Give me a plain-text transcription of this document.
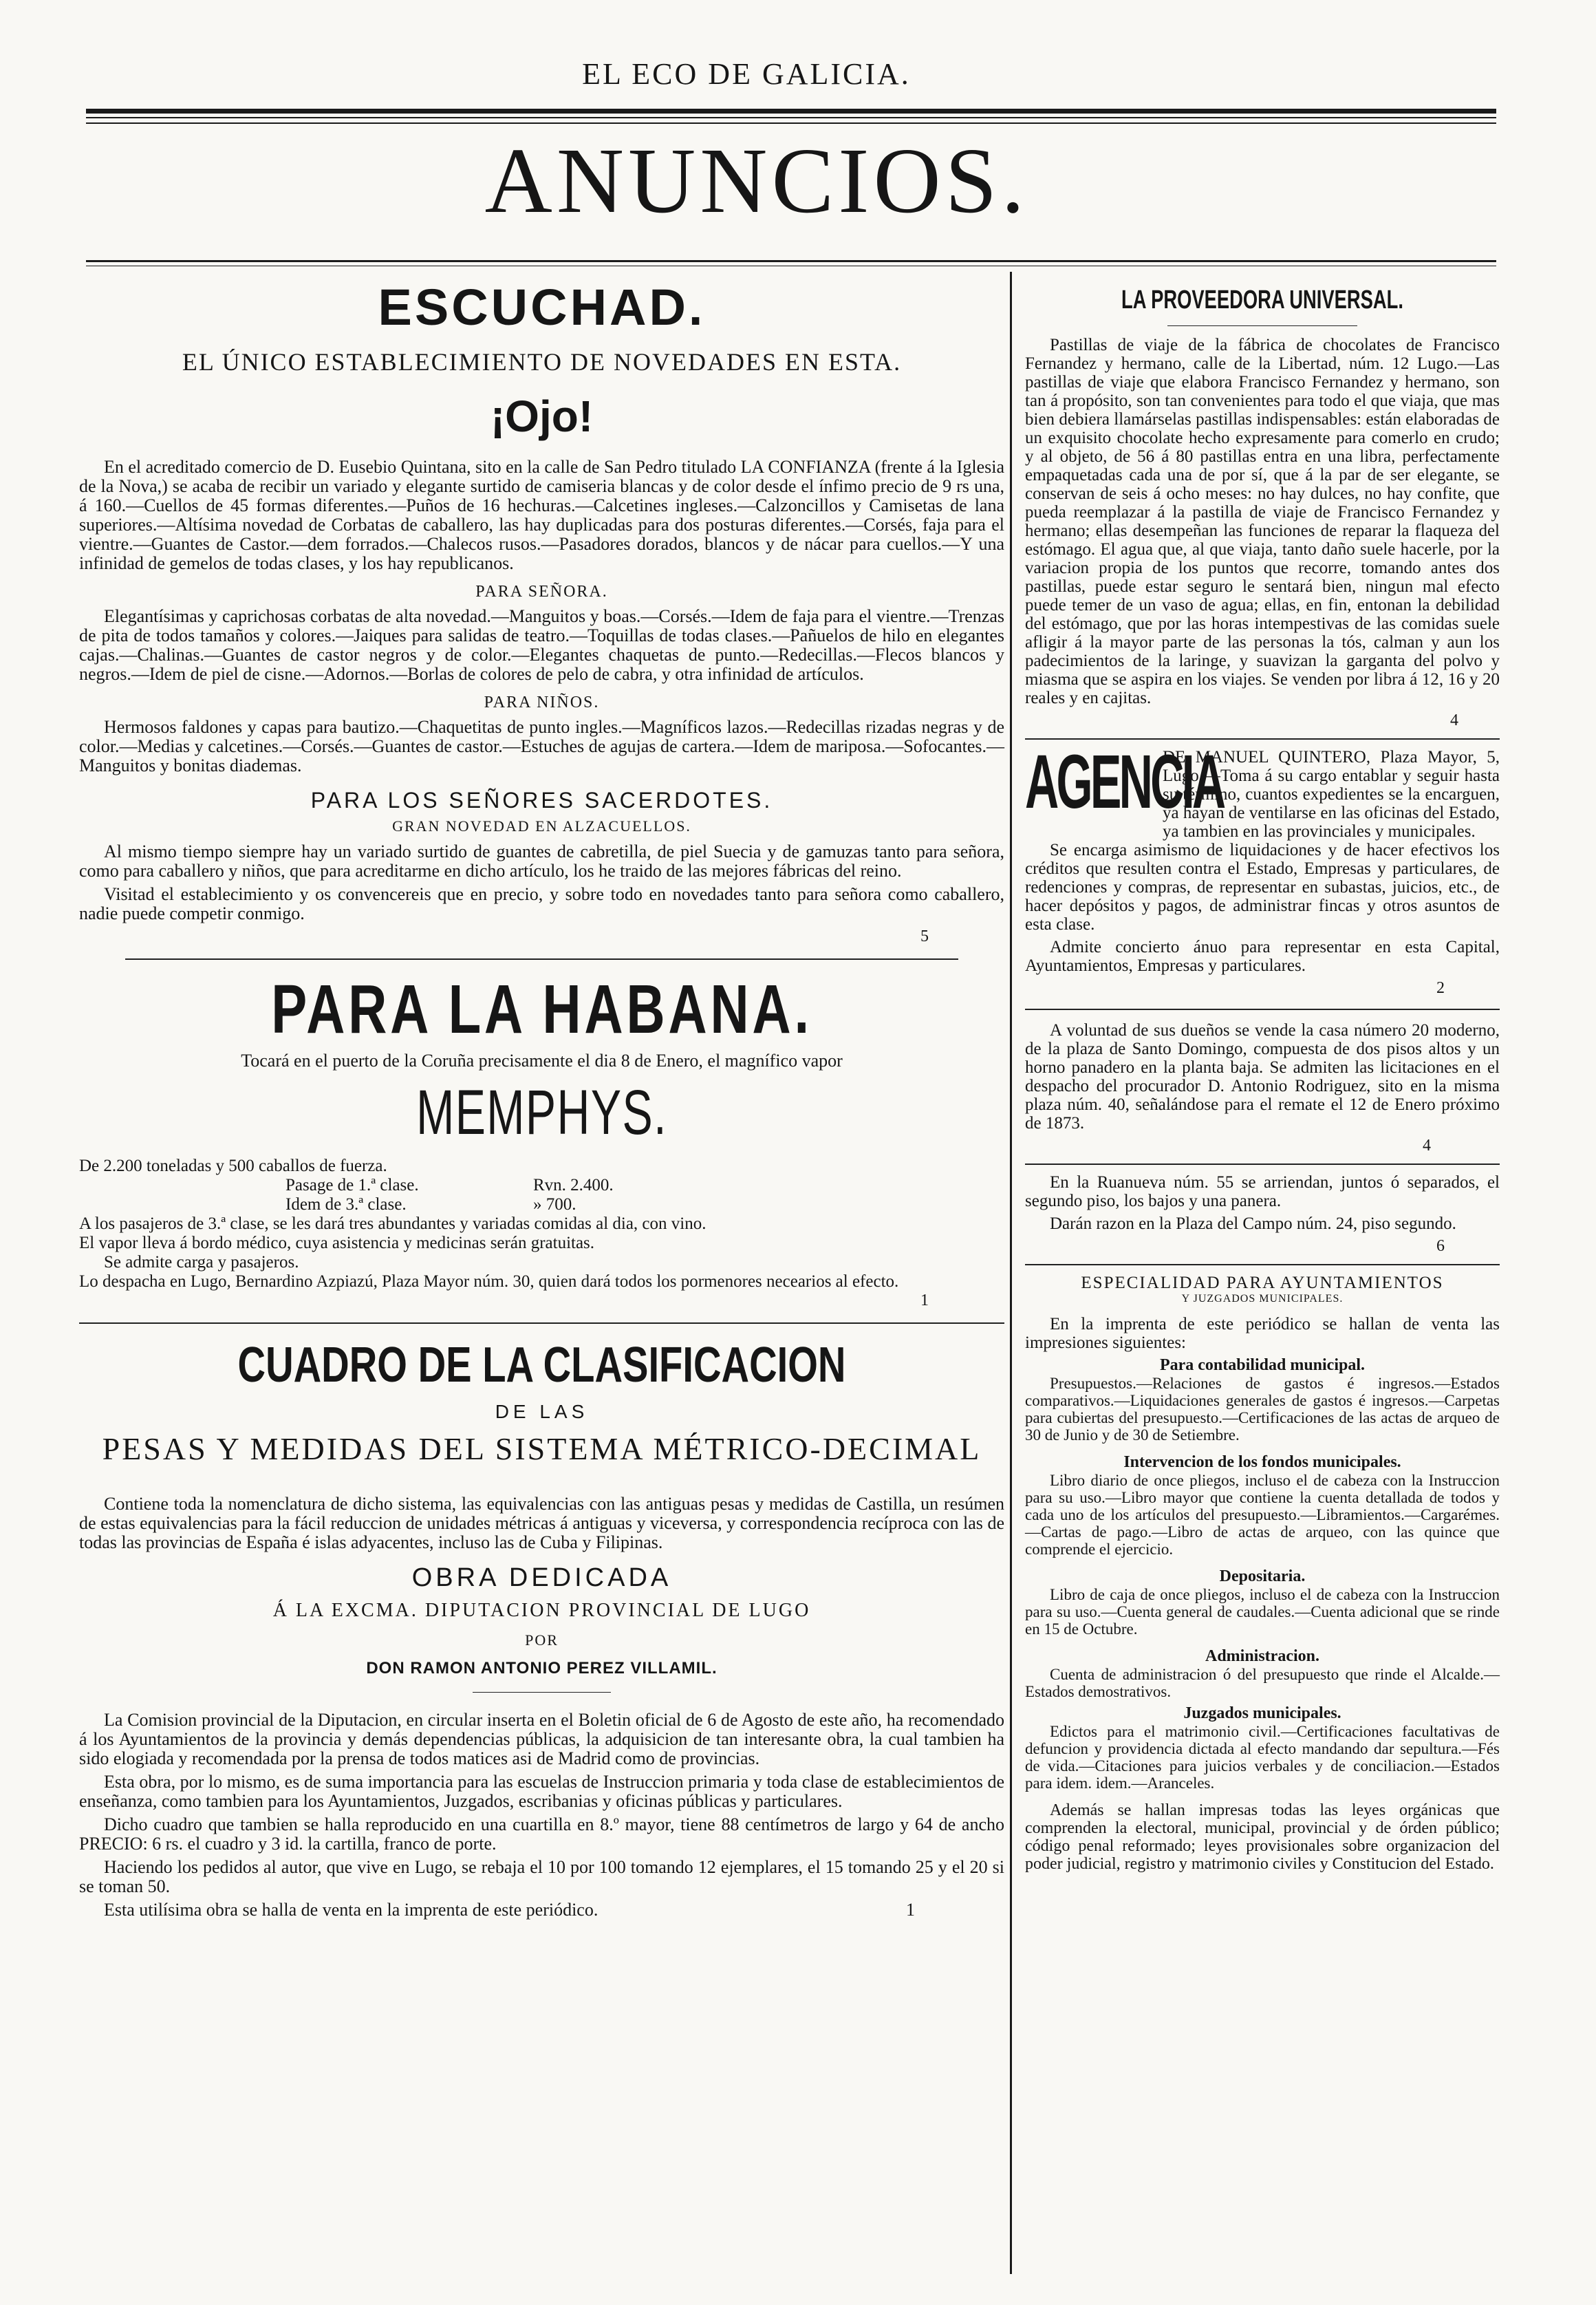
EL ECO DE GALICIA.
ANUNCIOS.
ESCUCHAD.
EL ÚNICO ESTABLECIMIENTO DE NOVEDADES EN ESTA.
¡Ojo!

En el acreditado comercio de D. Eusebio Quintana, sito en la calle de San Pedro titulado LA CONFIANZA (frente á la Iglesia de la Nova,) se acaba de recibir un variado y elegante surtido de camiseria blancas y de color desde el ínfimo precio de 9 rs una, á 160.—Cuellos de 45 formas diferentes.—Puños de 16 hechuras.—Calcetines ingleses.—Calzoncillos y Camisetas de lana superiores.—Altísima novedad de Corbatas de caballero, las hay duplicadas para dos posturas diferentes.—Corsés, faja para el vientre.—Guantes de Castor.—dem forrados.—Chalecos rusos.—Pasadores dorados, blancos y de nácar para cuellos.—Y una infinidad de gemelos de todas clases, y los hay republicanos.

PARA SEÑORA.

Elegantísimas y caprichosas corbatas de alta novedad.—Manguitos y boas.—Corsés.—Idem de faja para el vientre.—Trenzas de pita de todos tamaños y colores.—Jaiques para salidas de teatro.—Toquillas de todas clases.—Pañuelos de hilo en elegantes cajas.—Chalinas.—Guantes de castor negros y de color.—Elegantes chaquetas de punto.—Redecillas.—Flecos blancos y negros.—Idem de piel de cisne.—Adornos.—Borlas de colores de pelo de cabra, y otra infinidad de artículos.

PARA NIÑOS.

Hermosos faldones y capas para bautizo.—Chaquetitas de punto ingles.—Magníficos lazos.—Redecillas rizadas negras y de color.—Medias y calcetines.—Corsés.—Guantes de castor.—Estuches de agujas de cartera.—Idem de mariposa.—Sofocantes.—Manguitos y bonitas diademas.

PARA LOS SEÑORES SACERDOTES.
GRAN NOVEDAD EN ALZACUELLOS.

Al mismo tiempo siempre hay un variado surtido de guantes de cabretilla, de piel Suecia y de gamuzas tanto para señora, como para caballero y niños, que para acreditarme en dicho artículo, los he traido de las mejores fábricas del reino.

Visitad el establecimiento y os convencereis que en precio, y sobre todo en novedades tanto para señora como caballero, nadie puede competir conmigo.

5
PARA LA HABANA.

Tocará en el puerto de la Coruña precisamente el dia 8 de Enero, el magnífico vapor

MEMPHYS.

De 2.200 toneladas y 500 caballos de fuerza.

Pasage de 1.ª clase.	Rvn. 2.400.
Idem de 3.ª clase.	» 700.

A los pasajeros de 3.ª clase, se les dará tres abundantes y variadas comidas al dia, con vino.

El vapor lleva á bordo médico, cuya asistencia y medicinas serán gratuitas.

Se admite carga y pasajeros.

Lo despacha en Lugo, Bernardino Azpiazú, Plaza Mayor núm. 30, quien dará todos los pormenores necearios al efecto.

1
CUADRO DE LA CLASIFICACION
DE LAS
PESAS Y MEDIDAS DEL SISTEMA MÉTRICO-DECIMAL

Contiene toda la nomenclatura de dicho sistema, las equivalencias con las antiguas pesas y medidas de Castilla, un resúmen de estas equivalencias para la fácil reduccion de unidades métricas á antiguas y viceversa, y correspondencia recíproca con las de todas las provincias de España é islas adyacentes, incluso las de Cuba y Filipinas.

OBRA DEDICADA
Á LA EXCMA. DIPUTACION PROVINCIAL DE LUGO
POR
DON RAMON ANTONIO PEREZ VILLAMIL.

La Comision provincial de la Diputacion, en circular inserta en el Boletin oficial de 6 de Agosto de este año, ha recomendado á los Ayuntamientos de la provincia y demás dependencias públicas, la adquisicion de tan interesante obra, la cual tambien ha sido elogiada y recomendada por la prensa de todos matices asi de Madrid como de provincias.

Esta obra, por lo mismo, es de suma importancia para las escuelas de Instruccion primaria y toda clase de establecimientos de enseñanza, como tambien para los Ayuntamientos, Juzgados, escribanias y oficinas públicas y particulares.

Dicho cuadro que tambien se halla reproducido en una cuartilla en 8.º mayor, tiene 88 centímetros de largo y 64 de ancho PRECIO: 6 rs. el cuadro y 3 id. la cartilla, franco de porte.

Haciendo los pedidos al autor, que vive en Lugo, se rebaja el 10 por 100 tomando 12 ejemplares, el 15 tomando 25 y el 20 si se toman 50.

Esta utilísima obra se halla de venta en la imprenta de este periódico.	1
LA PROVEEDORA UNIVERSAL.

Pastillas de viaje de la fábrica de chocolates de Francisco Fernandez y hermano, calle de la Libertad, núm. 12 Lugo.—Las pastillas de viaje que elabora Francisco Fernandez y hermano, son tan á propósito, son tan convenientes para todo el que viaja, que mas bien debiera llamárselas pastillas indispensables: están elaboradas de un exquisito chocolate hecho expresamente para comerlo en crudo; y al objeto, de 56 á 80 pastillas entra en una libra, perfectamente empaquetadas cada una de por sí, que á la par de ser elegante, se conservan de seis á ocho meses: no hay dulces, no hay confite, que pueda reemplazar á la pastilla de viaje de Francisco Fernandez y hermano; ellas desempeñan las funciones de reparar la flaqueza del estómago. El agua que, al que viaja, tanto daño suele hacerle, por la variacion propia de los puntos que recorre, tomando antes dos pastillas, puede estar seguro le sentará bien, ningun mal efecto puede temer de un vaso de agua; ellas, en fin, entonan la debilidad del estómago, que por las horas intempestivas de las comidas suele afligir á la mayor parte de las personas la tós, calman y aun los padecimientos de la laringe, y suavizan la garganta del polvo y miasma que se aspira en los viajes. Se venden por libra á 12, 16 y 20 reales y en cajitas.

4
AGENCIA

DE MANUEL QUINTERO, Plaza Mayor, 5, Lugo.—Toma á su cargo entablar y seguir hasta su término, cuantos expedientes se la encarguen, ya hayan de ventilarse en las oficinas del Estado, ya tambien en las provinciales y municipales.

Se encarga asimismo de liquidaciones y de hacer efectivos los créditos que resulten contra el Estado, Empresas y particulares, de redenciones y compras, de representar en subastas, juicios, etc., de hacer depósitos y pagos, de administrar fincas y otros asuntos de esta clase.

Admite concierto ánuo para representar en esta Capital, Ayuntamientos, Empresas y particulares.

2

A voluntad de sus dueños se vende la casa número 20 moderno, de la plaza de Santo Domingo, compuesta de dos pisos altos y un horno panadero en la planta baja. Se admiten las licitaciones en el despacho del procurador D. Antonio Rodriguez, sito en la misma plaza núm. 40, señalándose para el remate el 12 de Enero próximo de 1873.

4

En la Ruanueva núm. 55 se arriendan, juntos ó separados, el segundo piso, los bajos y una panera.

Darán razon en la Plaza del Campo núm. 24, piso segundo.

6
ESPECIALIDAD PARA AYUNTAMIENTOS
Y JUZGADOS MUNICIPALES.

En la imprenta de este periódico se hallan de venta las impresiones siguientes:

Para contabilidad municipal.

Presupuestos.—Relaciones de gastos é ingresos.—Estados comparativos.—Liquidaciones generales de gastos é ingresos.—Carpetas para cubiertas del presupuesto.—Certificaciones de las actas de arqueo de 30 de Junio y de 30 de Setiembre.

Intervencion de los fondos municipales.

Libro diario de once pliegos, incluso el de cabeza con la Instruccion para su uso.—Libro mayor que contiene la cuenta detallada de todos y cada uno de los artículos del presupuesto.—Libramientos.—Cargarémes.—Cartas de pago.—Libro de actas de arqueo, con las quince que comprende el ejercicio.

Depositaria.

Libro de caja de once pliegos, incluso el de cabeza con la Instruccion para su uso.—Cuenta general de caudales.—Cuenta adicional que se rinde en 15 de Octubre.

Administracion.

Cuenta de administracion ó del presupuesto que rinde el Alcalde.—Estados demostrativos.

Juzgados municipales.

Edictos para el matrimonio civil.—Certificaciones facultativas de defuncion y providencia dictada al efecto mandando dar sepultura.—Fés de vida.—Citaciones para juicios verbales y de conciliacion.—Estados para idem. idem.—Aranceles.

Además se hallan impresas todas las leyes orgánicas que comprenden la electoral, municipal, provincial y de órden público; código penal reformado; leyes provisionales sobre organizacion del poder judicial, registro y matrimonio civiles y Constitucion del Estado.
